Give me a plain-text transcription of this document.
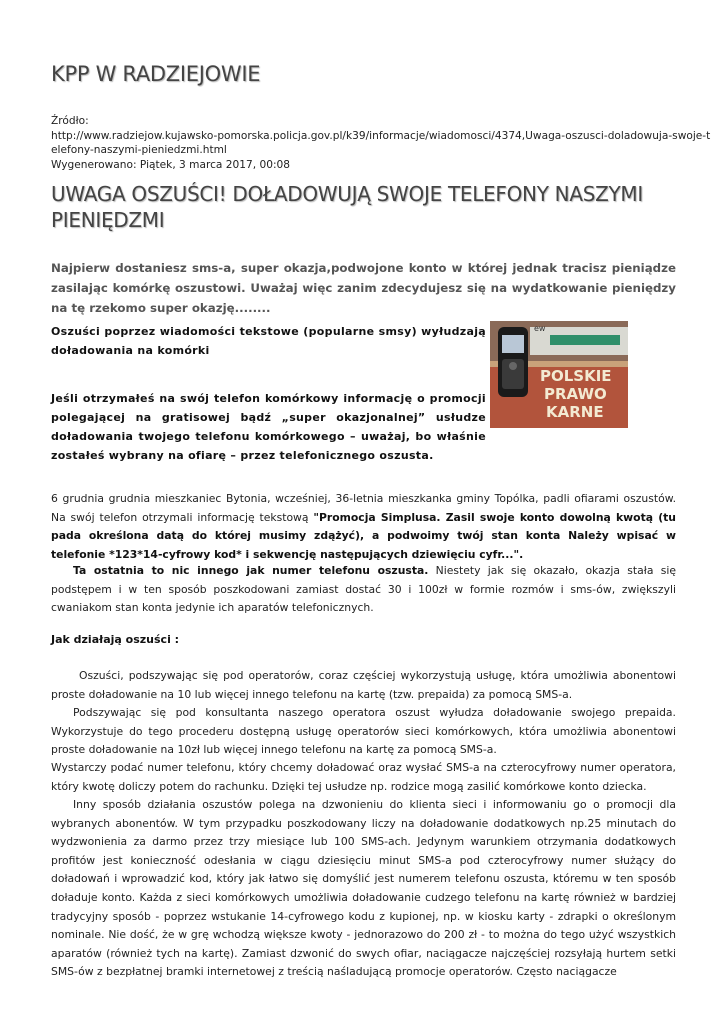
KPP W RADZIEJOWIE
Źródło:
http://www.radziejow.kujawsko-pomorska.policja.gov.pl/k39/informacje/wiadomosci/4374,Uwaga-oszusci-doladowuja-swoje-t
elefony-naszymi-pieniedzmi.html
Wygenerowano: Piątek, 3 marca 2017, 00:08
UWAGA OSZUŚCI! DOŁADOWUJĄ SWOJE TELEFONY NASZYMI PIENIĘDZMI

Najpierw dostaniesz sms-a, super okazja,podwojone konto w której jednak tracisz pieniądze zasilając komórkę oszustowi. Uważaj więc zanim zdecydujesz się na wydatkowanie pieniędzy na tę rzekomo super okazję........

Oszuści poprzez wiadomości tekstowe (popularne smsy) wyłudzają doładowania na komórki

Jeśli otrzymałeś na swój telefon komórkowy informację o promocji polegającej na gratisowej bądź „super okazjonalnej” usłudze doładowania twojego telefonu komórkowego – uważaj, bo właśnie zostałeś wybrany na ofiarę – przez telefonicznego oszusta.

ew
POLSKIE
PRAWO
KARNE

6 grudnia grudnia mieszkaniec Bytonia, wcześniej, 36-letnia mieszkanka gminy Topólka, padli ofiarami oszustów. Na swój telefon otrzymali informację tekstową "Promocja Simplusa. Zasil swoje konto dowolną kwotą (tu pada określona datą do której musimy zdążyć), a podwoimy twój stan konta Należy wpisać w telefonie *123*14-cyfrowy kod* i sekwencję następujących dziewięciu cyfr...".

Ta ostatnia to nic innego jak numer telefonu oszusta. Niestety jak się okazało, okazja stała się podstępem i w ten sposób poszkodowani zamiast dostać 30 i 100zł w formie rozmów i sms-ów, zwiększyli cwaniakom stan konta jedynie ich aparatów telefonicznych.

Jak działają oszuści :

Oszuści, podszywając się pod operatorów, coraz częściej wykorzystują usługę, która umożliwia abonentowi proste doładowanie na 10 lub więcej innego telefonu na kartę (tzw. prepaida) za pomocą SMS-a.

Podszywając się pod konsultanta naszego operatora oszust wyłudza doładowanie swojego prepaida. Wykorzystuje do tego procederu dostępną usługę operatorów sieci komórkowych, która umożliwia abonentowi proste doładowanie na 10zł lub więcej innego telefonu na kartę za pomocą SMS-a.

Wystarczy podać numer telefonu, który chcemy doładować oraz wysłać SMS-a na czterocyfrowy numer operatora, który kwotę doliczy potem do rachunku. Dzięki tej usłudze np. rodzice mogą zasilić komórkowe konto dziecka.

Inny sposób działania oszustów polega na dzwonieniu do klienta sieci i informowaniu go o promocji dla wybranych abonentów. W tym przypadku poszkodowany liczy na doładowanie dodatkowych np.25 minutach do wydzwonienia za darmo przez trzy miesiące lub 100 SMS-ach. Jedynym warunkiem otrzymania dodatkowych profitów jest konieczność odesłania w ciągu dziesięciu minut SMS-a pod czterocyfrowy numer służący do doładowań i wprowadzić kod, który jak łatwo się domyślić jest numerem telefonu oszusta, któremu w ten sposób doładuje konto. Każda z sieci komórkowych umożliwia doładowanie cudzego telefonu na kartę również w bardziej tradycyjny sposób - poprzez wstukanie 14-cyfrowego kodu z kupionej, np. w kiosku karty - zdrapki o określonym nominale. Nie dość, że w grę wchodzą większe kwoty - jednorazowo do 200 zł - to można do tego użyć wszystkich aparatów (również tych na kartę). Zamiast dzwonić do swych ofiar, naciągacze najczęściej rozsyłają hurtem setki SMS-ów z bezpłatnej bramki internetowej z treścią naśladującą promocje operatorów. Często naciągacze
